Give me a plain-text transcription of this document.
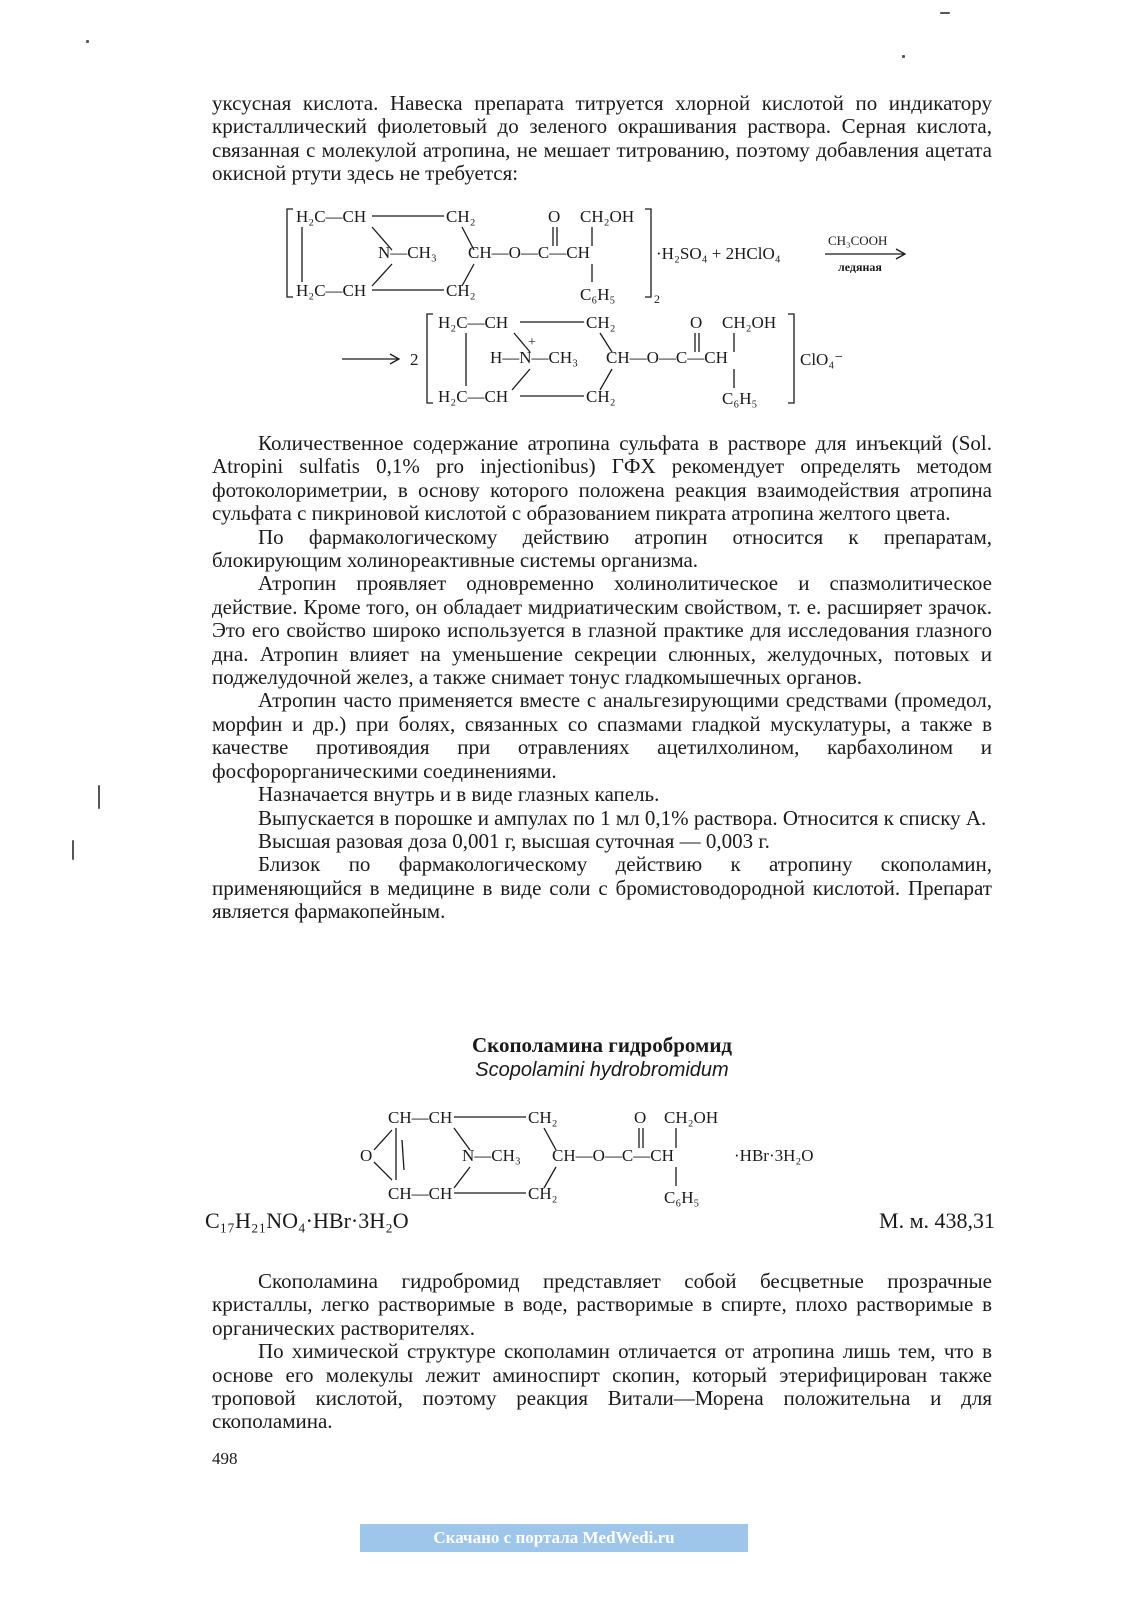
уксусная кислота. Навеска препарата титруется хлорной кислотой по индикатору кристаллический фиолетовый до зеленого окрашивания раствора. Серная кислота, связанная с молекулой атропина, не мешает титрованию, поэтому добавления ацетата окисной ртути здесь не требуется:

2
H₂C—CH	CH₂	O CH₂OH
N—CH₃ CH—O—C—CH
H₂C—CH	CH₂	C₆H₅
·H₂SO₄ + 2HClO₄
CH₃COOH
ледяная
2
H₂C—CH	CH₂	O CH₂OH
+
H—N—CH₃ CH—O—C—CH
H₂C—CH	CH₂	C₆H₅
ClO₄⁻

Количественное содержание атропина сульфата в растворе для инъекций (Sol. Atropini sulfatis 0,1% pro injectionibus) ГФХ рекомендует определять методом фотоколориметрии, в основу которого положена реакция взаимодействия атропина сульфата с пикриновой кислотой с образованием пикрата атропина желтого цвета.

По фармакологическому действию атропин относится к препаратам, блокирующим холинореактивные системы организма.

Атропин проявляет одновременно холинолитическое и спазмолитическое действие. Кроме того, он обладает мидриатическим свойством, т. е. расширяет зрачок. Это его свойство широко используется в глазной практике для исследования глазного дна. Атропин влияет на уменьшение секреции слюнных, желудочных, потовых и поджелудочной желез, а также снимает тонус гладкомышечных органов.

Атропин часто применяется вместе с анальгезирующими средствами (промедол, морфин и др.) при болях, связанных со спазмами гладкой мускулатуры, а также в качестве противоядия при отравлениях ацетилхолином, карбахолином и фосфорорганическими соединениями.

Назначается внутрь и в виде глазных капель.

Выпускается в порошке и ампулах по 1 мл 0,1% раствора. Относится к списку А.

Высшая разовая доза 0,001 г, высшая суточная — 0,003 г.

Близок по фармакологическому действию к атропину скополамин, применяющийся в медицине в виде соли с бромистоводородной кислотой. Препарат является фармакопейным.

Скополамина гидробромид

Scopolamini hydrobromidum

CH—CH	CH₂	O CH₂OH
O	N—CH₃ CH—O—C—CH	·HBr·3H₂O
CH—CH	CH₂	C₆H₅
C₁₇H₂₁NO₄·HBr·3H₂O	М. м. 438,31

Скополамина гидробромид представляет собой бесцветные прозрачные кристаллы, легко растворимые в воде, растворимые в спирте, плохо растворимые в органических растворителях.

По химической структуре скополамин отличается от атропина лишь тем, что в основе его молекулы лежит аминоспирт скопин, который этерифицирован также троповой кислотой, поэтому реакция Витали—Морена положительна и для скополамина.

498
Скачано с портала MedWedi.ru
